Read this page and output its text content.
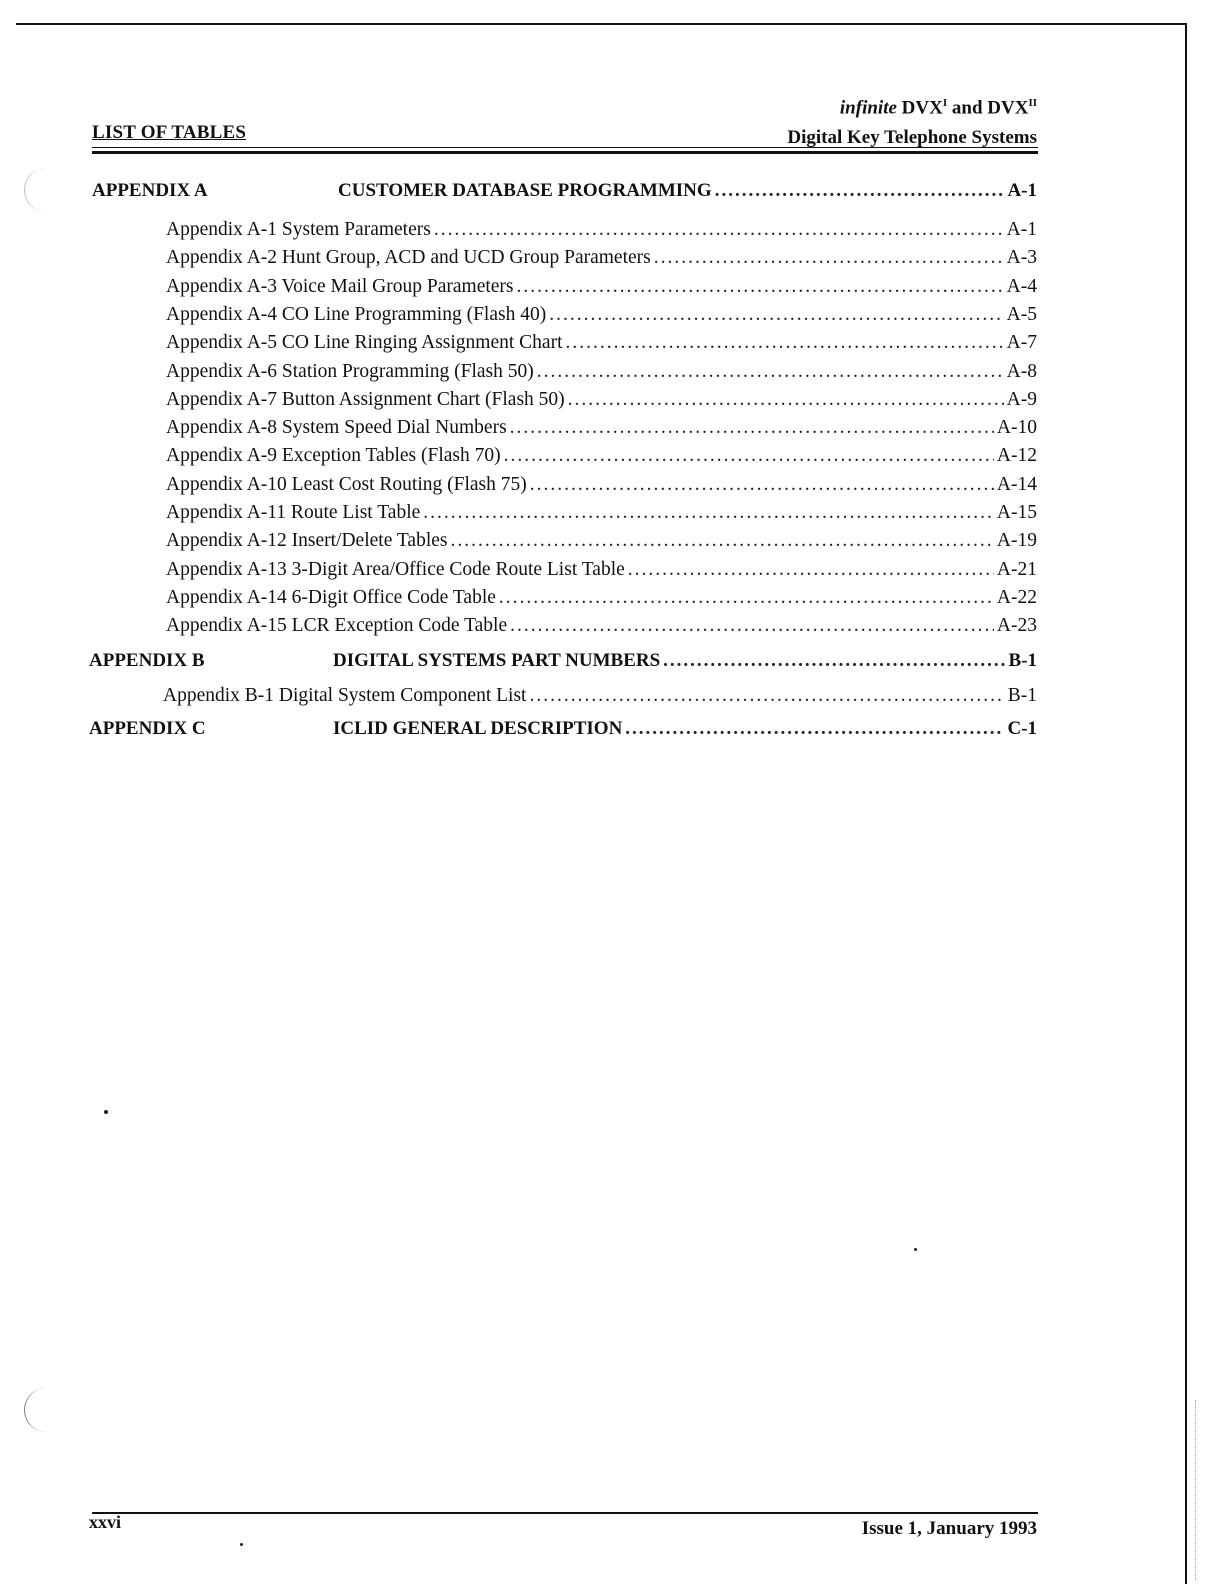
LIST OF TABLES
infinite $DVX^I$ and $DVX^{II}$
Digital Key Telephone Systems
APPENDIX A	CUSTOMER DATABASE PROGRAMMING .....	A-1
Appendix A-1 System Parameters .....	A-1
Appendix A-2 Hunt Group, ACD and UCD Group Parameters .....	A-3
Appendix A-3 Voice Mail Group Parameters .....	A-4
Appendix A-4 CO Line Programming (Flash 40) .....	A-5
Appendix A-5 CO Line Ringing Assignment Chart .....	A-7
Appendix A-6 Station Programming (Flash 50) .....	A-8
Appendix A-7 Button Assignment Chart (Flash 50) .....	A-9
Appendix A-8 System Speed Dial Numbers .....	A-10
Appendix A-9 Exception Tables (Flash 70) .....	A-12
Appendix A-10 Least Cost Routing (Flash 75) .....	A-14
Appendix A-11 Route List Table .....	A-15
Appendix A-12 Insert/Delete Tables .....	A-19
Appendix A-13 3-Digit Area/Office Code Route List Table .....	A-21
Appendix A-14 6-Digit Office Code Table .....	A-22
Appendix A-15 LCR Exception Code Table .....	A-23
APPENDIX B	DIGITAL SYSTEMS PART NUMBERS .....	B-1
Appendix B-1 Digital System Component List .....	B-1
APPENDIX C	ICLID GENERAL DESCRIPTION .....	C-1
xxvi	Issue 1, January 1993
